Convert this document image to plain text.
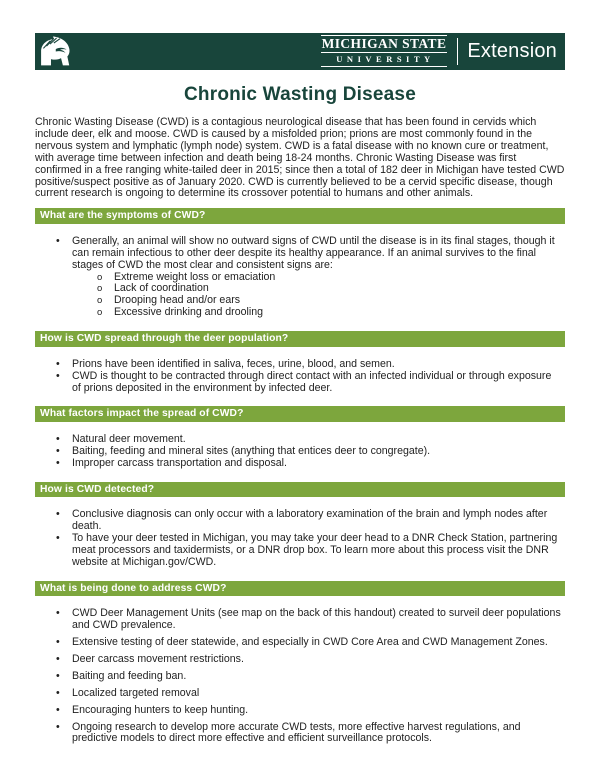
MICHIGAN STATE
UNIVERSITY	Extension
Chronic Wasting Disease

Chronic Wasting Disease (CWD) is a contagious neurological disease that has been found in cervids which include deer, elk and moose. CWD is caused by a misfolded prion; prions are most commonly found in the nervous system and lymphatic (lymph node) system. CWD is a fatal disease with no known cure or treatment, with average time between infection and death being 18-24 months. Chronic Wasting Disease was first confirmed in a free ranging white-tailed deer in 2015; since then a total of 182 deer in Michigan have tested CWD positive/suspect positive as of January 2020. CWD is currently believed to be a cervid specific disease, though current research is ongoing to determine its crossover potential to humans and other animals.

What are the symptoms of CWD?
•	Generally, an animal will show no outward signs of CWD until the disease is in its final stages, though it can remain infectious to other deer despite its healthy appearance. If an animal survives to the final stages of CWD the most clear and consistent signs are:
o	Extreme weight loss or emaciation
o	Lack of coordination
o	Drooping head and/or ears
o	Excessive drinking and drooling
How is CWD spread through the deer population?
•	Prions have been identified in saliva, feces, urine, blood, and semen.
•	CWD is thought to be contracted through direct contact with an infected individual or through exposure of prions deposited in the environment by infected deer.
What factors impact the spread of CWD?
•	Natural deer movement.
•	Baiting, feeding and mineral sites (anything that entices deer to congregate).
•	Improper carcass transportation and disposal.
How is CWD detected?
•	Conclusive diagnosis can only occur with a laboratory examination of the brain and lymph nodes after death.
•	To have your deer tested in Michigan, you may take your deer head to a DNR Check Station, partnering meat processors and taxidermists, or a DNR drop box. To learn more about this process visit the DNR website at Michigan.gov/CWD.
What is being done to address CWD?
•	CWD Deer Management Units (see map on the back of this handout) created to surveil deer populations and CWD prevalence.
•	Extensive testing of deer statewide, and especially in CWD Core Area and CWD Management Zones.
•	Deer carcass movement restrictions.
•	Baiting and feeding ban.
•	Localized targeted removal
•	Encouraging hunters to keep hunting.
•	Ongoing research to develop more accurate CWD tests, more effective harvest regulations, and predictive models to direct more effective and efficient surveillance protocols.
